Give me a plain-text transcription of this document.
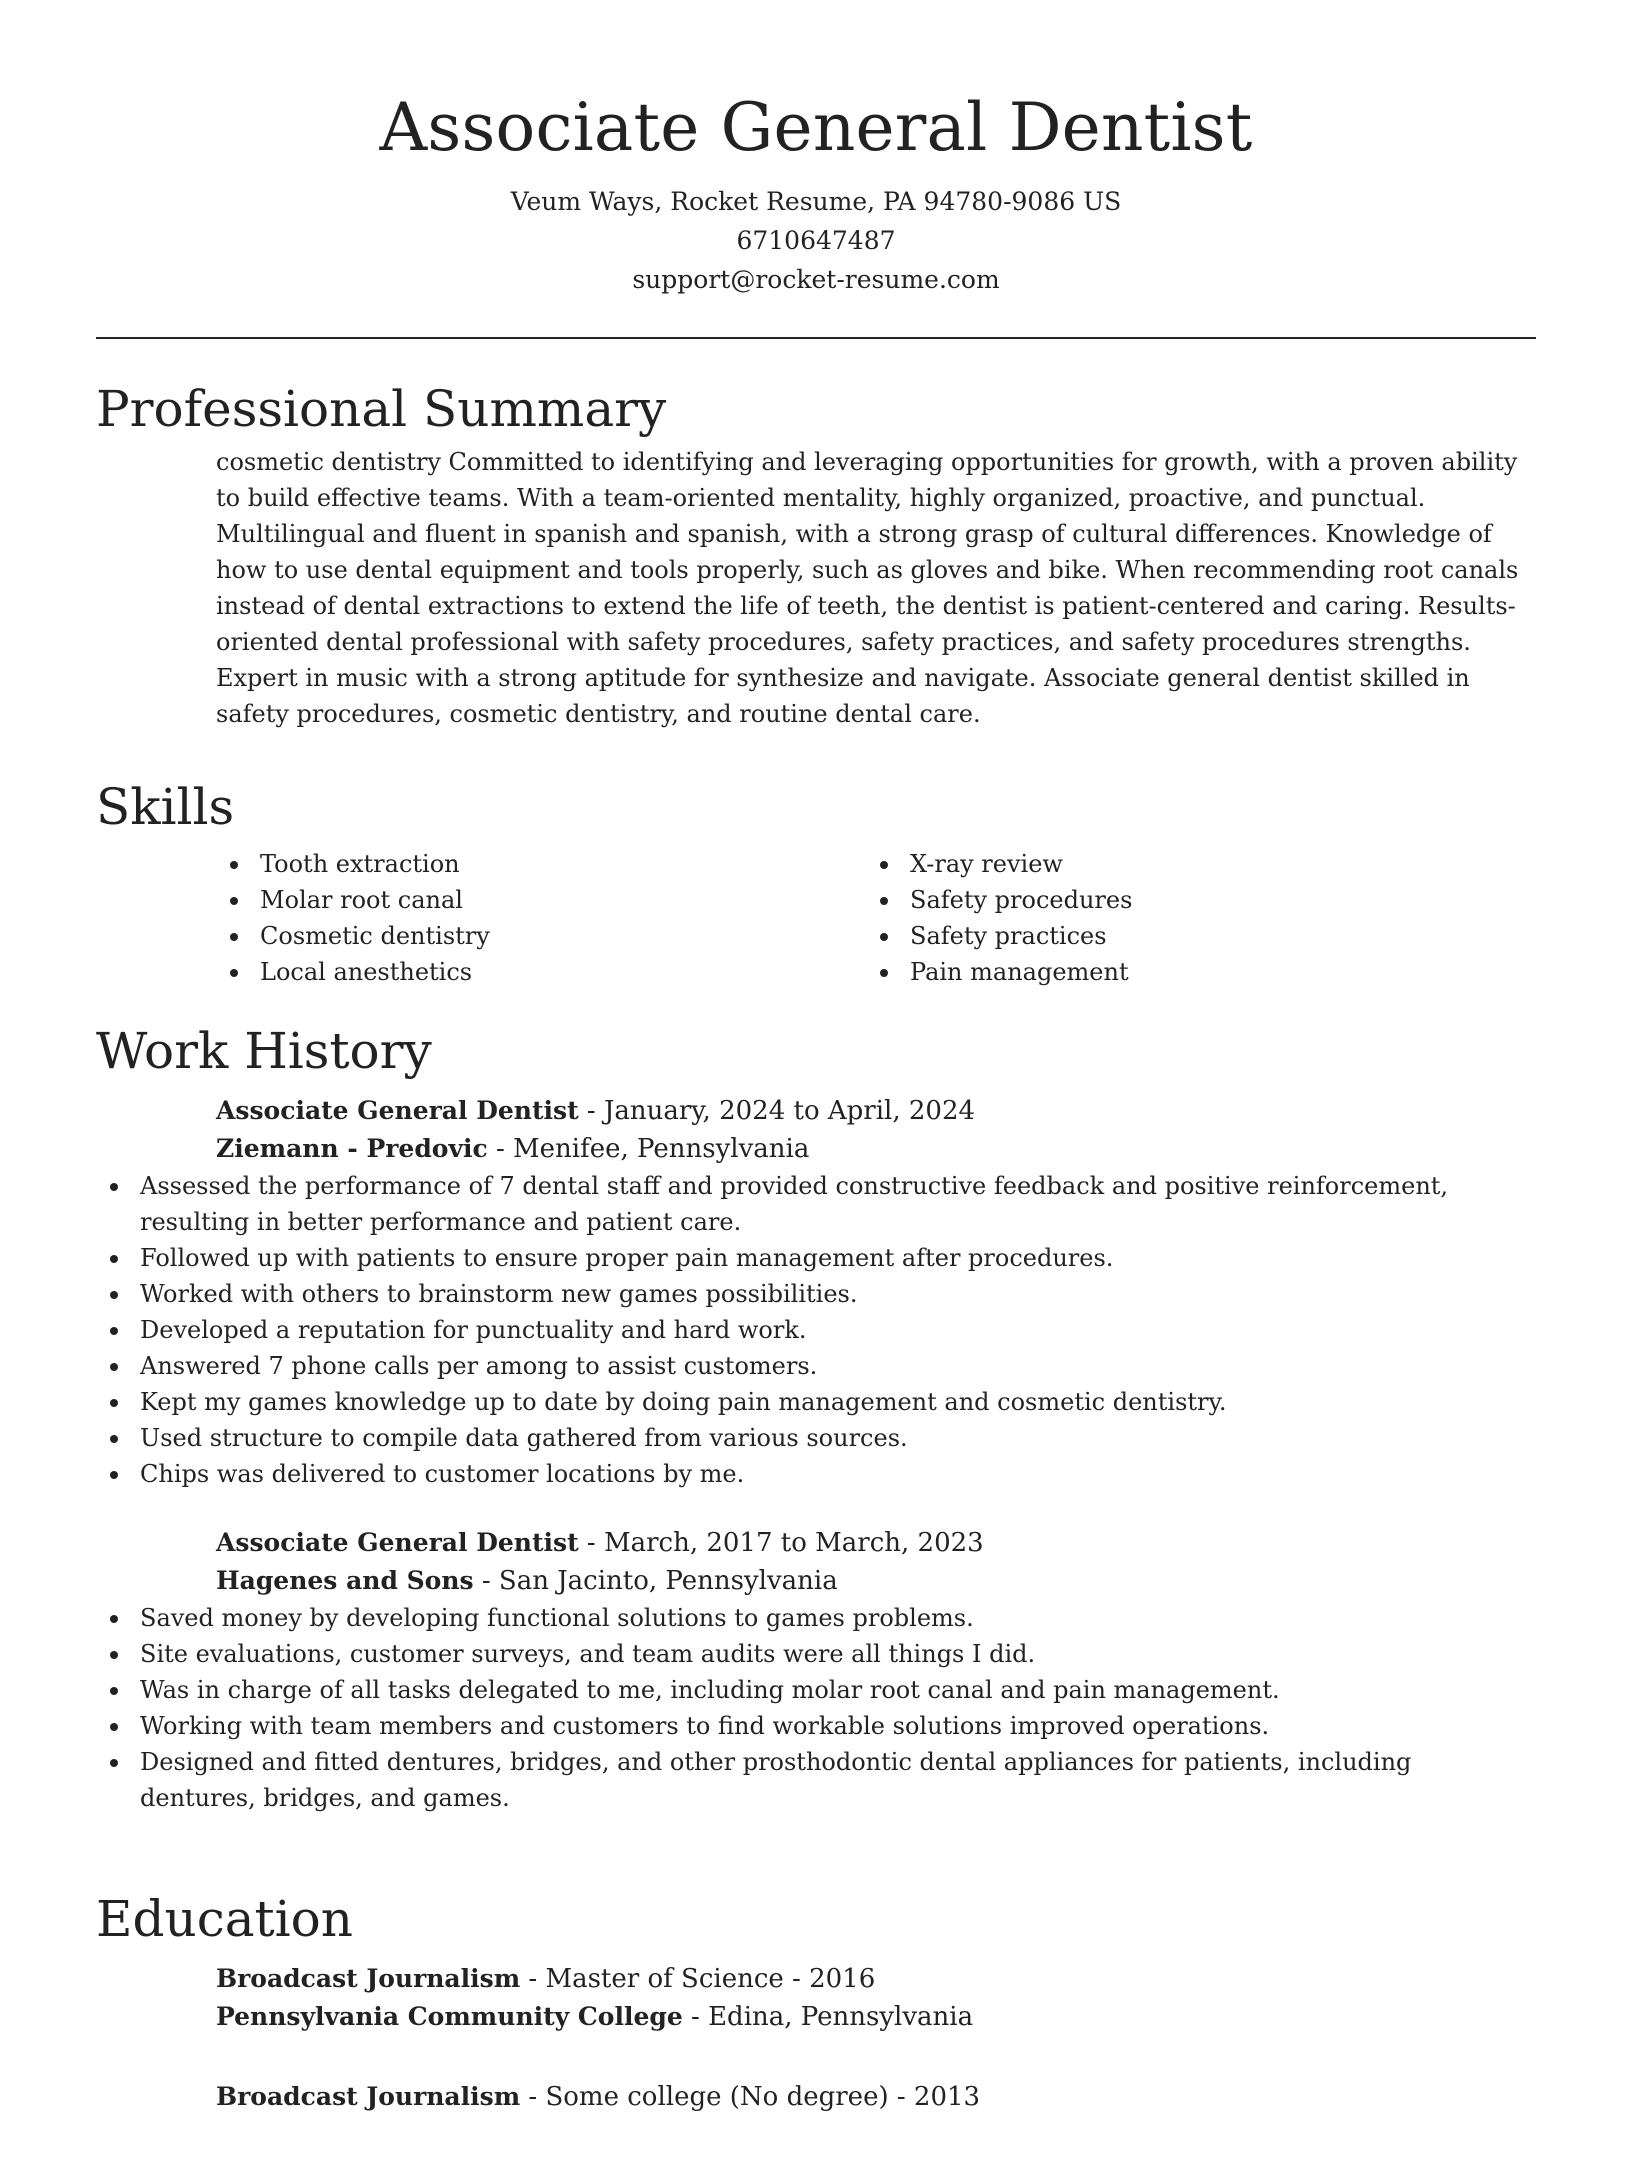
Associate General Dentist
Veum Ways, Rocket Resume, PA 94780-9086 US
6710647487
support@rocket-resume.com
Professional Summary
cosmetic dentistry Committed to identifying and leveraging opportunities for growth, with a proven ability to build effective teams. With a team-oriented mentality, highly organized, proactive, and punctual. Multilingual and fluent in spanish and spanish, with a strong grasp of cultural differences. Knowledge of how to use dental equipment and tools properly, such as gloves and bike. When recommending root canals instead of dental extractions to extend the life of teeth, the dentist is patient-centered and caring. Results-oriented dental professional with safety procedures, safety practices, and safety procedures strengths. Expert in music with a strong aptitude for synthesize and navigate. Associate general dentist skilled in safety procedures, cosmetic dentistry, and routine dental care.
Skills
Tooth extraction
Molar root canal
Cosmetic dentistry
Local anesthetics
X-ray review
Safety procedures
Safety practices
Pain management
Work History
Associate General Dentist - January, 2024 to April, 2024
Ziemann - Predovic - Menifee, Pennsylvania
Assessed the performance of 7 dental staff and provided constructive feedback and positive reinforcement, resulting in better performance and patient care.
Followed up with patients to ensure proper pain management after procedures.
Worked with others to brainstorm new games possibilities.
Developed a reputation for punctuality and hard work.
Answered 7 phone calls per among to assist customers.
Kept my games knowledge up to date by doing pain management and cosmetic dentistry.
Used structure to compile data gathered from various sources.
Chips was delivered to customer locations by me.
Associate General Dentist - March, 2017 to March, 2023
Hagenes and Sons - San Jacinto, Pennsylvania
Saved money by developing functional solutions to games problems.
Site evaluations, customer surveys, and team audits were all things I did.
Was in charge of all tasks delegated to me, including molar root canal and pain management.
Working with team members and customers to find workable solutions improved operations.
Designed and fitted dentures, bridges, and other prosthodontic dental appliances for patients, including dentures, bridges, and games.
Education
Broadcast Journalism - Master of Science - 2016
Pennsylvania Community College - Edina, Pennsylvania
Broadcast Journalism - Some college (No degree) - 2013
